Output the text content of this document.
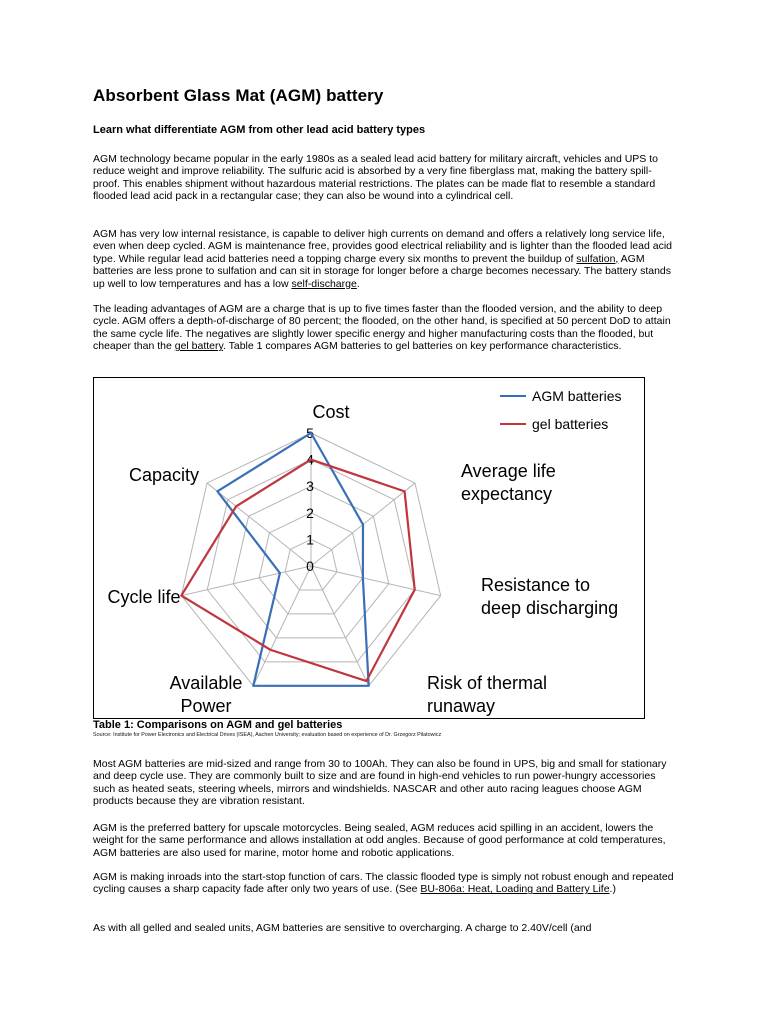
Absorbent Glass Mat (AGM) battery

Learn what differentiate AGM from other lead acid battery types

AGM technology became popular in the early 1980s as a sealed lead acid battery for military aircraft, vehicles and UPS to reduce weight and improve reliability. The sulfuric acid is absorbed by a very fine fiberglass mat, making the battery spill-proof. This enables shipment without hazardous material restrictions. The plates can be made flat to resemble a standard flooded lead acid pack in a rectangular case; they can also be wound into a cylindrical cell.

AGM has very low internal resistance, is capable to deliver high currents on demand and offers a relatively long service life, even when deep cycled. AGM is maintenance free, provides good electrical reliability and is lighter than the flooded lead acid type. While regular lead acid batteries need a topping charge every six months to prevent the buildup of sulfation, AGM batteries are less prone to sulfation and can sit in storage for longer before a charge becomes necessary. The battery stands up well to low temperatures and has a low self-discharge.

The leading advantages of AGM are a charge that is up to five times faster than the flooded version, and the ability to deep cycle. AGM offers a depth-of-discharge of 80 percent; the flooded, on the other hand, is specified at 50 percent DoD to attain the same cycle life. The negatives are slightly lower specific energy and higher manufacturing costs than the flooded, but cheaper than the gel battery. Table 1 compares AGM batteries to gel batteries on key performance characteristics.

0
1
2
3
4
5
Cost
Average life expectancy
Resistance to deep discharging
Risk of thermal runaway
Available Power
Cycle life
Capacity
AGM batteries
gel batteries

Table 1: Comparisons on AGM and gel batteries

Source: Institute for Power Electronics and Electrical Drives (ISEA), Aachen University; evaluation based on experience of Dr. Grzegorz Pilatowicz

Most AGM batteries are mid-sized and range from 30 to 100Ah. They can also be found in UPS, big and small for stationary and deep cycle use. They are commonly built to size and are found in high-end vehicles to run power-hungry accessories such as heated seats, steering wheels, mirrors and windshields. NASCAR and other auto racing leagues choose AGM products because they are vibration resistant.

AGM is the preferred battery for upscale motorcycles. Being sealed, AGM reduces acid spilling in an accident, lowers the weight for the same performance and allows installation at odd angles. Because of good performance at cold temperatures, AGM batteries are also used for marine, motor home and robotic applications.

AGM is making inroads into the start-stop function of cars. The classic flooded type is simply not robust enough and repeated cycling causes a sharp capacity fade after only two years of use. (See BU-806a: Heat, Loading and Battery Life.)

As with all gelled and sealed units, AGM batteries are sensitive to overcharging. A charge to 2.40V/cell (and
